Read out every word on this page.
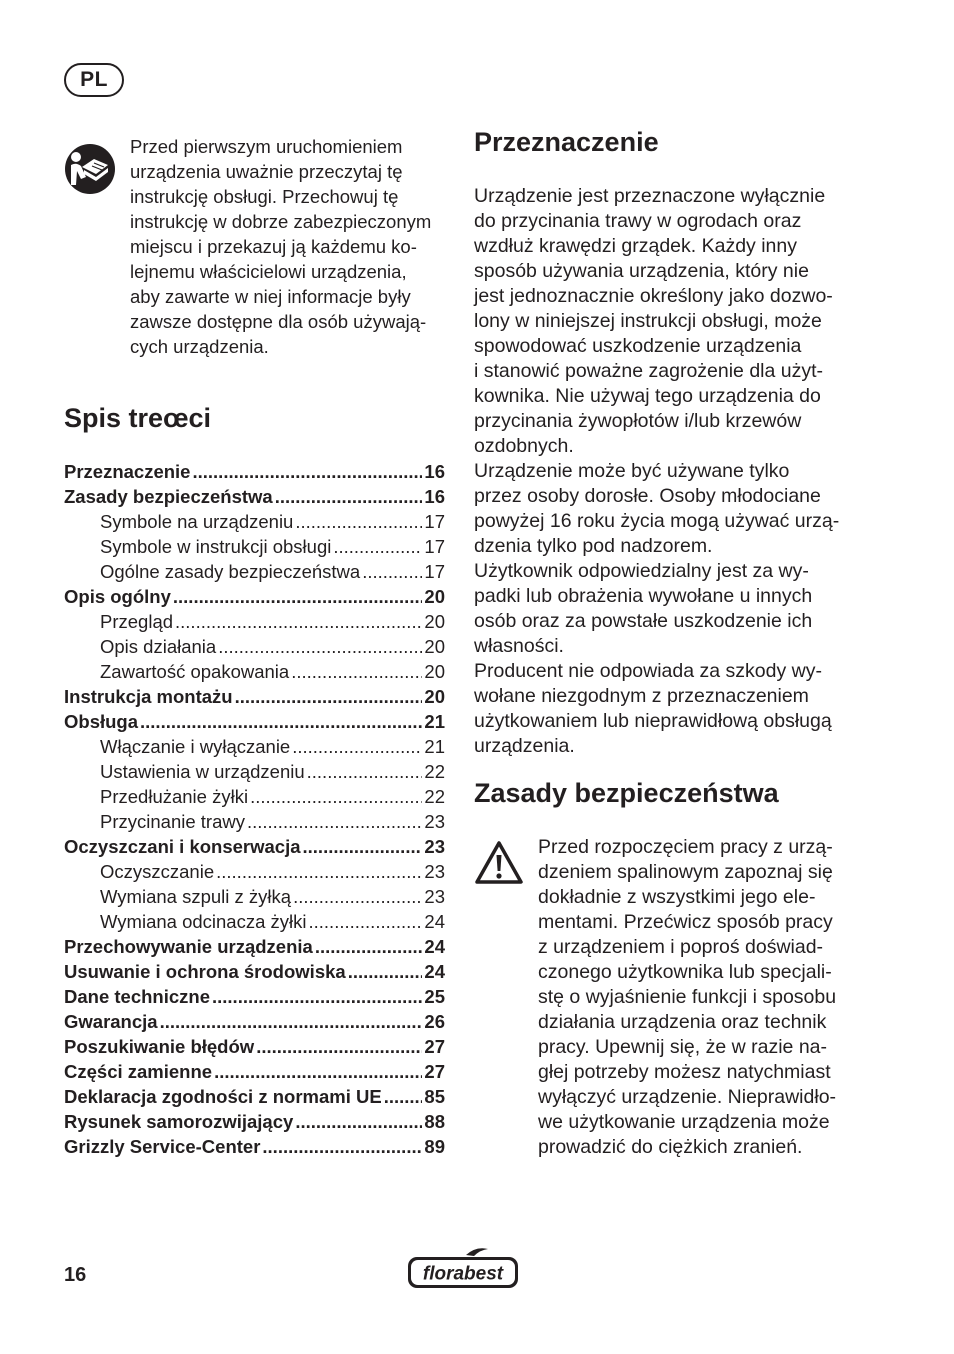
PL

Przed pierwszym uruchomieniem
urządzenia uważnie przeczytaj tę
instrukcję obsługi. Przechowuj tę
instrukcję w dobrze zabezpieczonym
miejscu i przekazuj ją każdemu ko-
lejnemu właścicielowi urządzenia,
aby zawarte w niej informacje były
zawsze dostępne dla osób używają-
cych urządzenia.

Spis treœci
Przeznaczenie .....	16
Zasady bezpieczeństwa .....	16
Symbole na urządzeniu .....	17
Symbole w instrukcji obsługi .....	17
Ogólne zasady bezpieczeństwa .....	17
Opis ogólny .....	20
Przegląd .....	20
Opis działania .....	20
Zawartość opakowania .....	20
Instrukcja montażu .....	20
Obsługa .....	21
Włączanie i wyłączanie .....	21
Ustawienia w urządzeniu .....	22
Przedłużanie żyłki .....	22
Przycinanie trawy .....	23
Oczyszczani i konserwacja .....	23
Oczyszczanie .....	23
Wymiana szpuli z żyłką .....	23
Wymiana odcinacza żyłki .....	24
Przechowywanie urządzenia .....	24
Usuwanie i ochrona środowiska .....	24
Dane techniczne .....	25
Gwarancja .....	26
Poszukiwanie błędów .....	27
Części zamienne .....	27
Deklaracja zgodności z normami UE ..... 85
Rysunek samorozwijający .....	88
Grizzly Service-Center .....	89
Przeznaczenie

Urządzenie jest przeznaczone wyłącznie
do przycinania trawy w ogrodach oraz
wzdłuż krawędzi grządek. Każdy inny
sposób używania urządzenia, który nie
jest jednoznacznie określony jako dozwo-
lony w niniejszej instrukcji obsługi, może
spowodować uszkodzenie urządzenia
i stanowić poważne zagrożenie dla użyt-
kownika. Nie używaj tego urządzenia do
przycinania żywopłotów i/lub krzewów
ozdobnych.
Urządzenie może być używane tylko
przez osoby dorosłe. Osoby młodociane
powyżej 16 roku życia mogą używać urzą-
dzenia tylko pod nadzorem.
Użytkownik odpowiedzialny jest za wy-
padki lub obrażenia wywołane u innych
osób oraz za powstałe uszkodzenie ich
własności.
Producent nie odpowiada za szkody wy-
wołane niezgodnym z przeznaczeniem
użytkowaniem lub nieprawidłową obsługą
urządzenia.

Zasady bezpieczeństwa

Przed rozpoczęciem pracy z urzą-
dzeniem spalinowym zapoznaj się
dokładnie z wszystkimi jego ele-
mentami. Przećwicz sposób pracy
z urządzeniem i poproś doświad-
czonego użytkownika lub specjali-
stę o wyjaśnienie funkcji i sposobu
działania urządzenia oraz technik
pracy. Upewnij się, że w razie na-
głej potrzeby możesz natychmiast
wyłączyć urządzenie. Nieprawidło-
we użytkowanie urządzenia może
prowadzić do ciężkich zranień.

16	florabest
